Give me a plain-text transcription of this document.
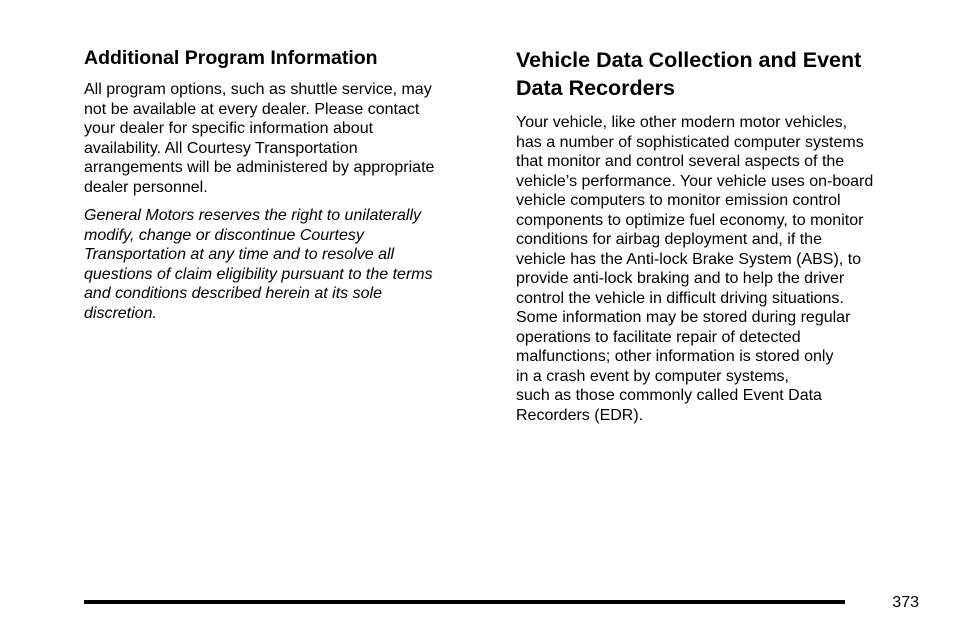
Additional Program Information

All program options, such as shuttle service, may
not be available at every dealer. Please contact
your dealer for specific information about
availability. All Courtesy Transportation
arrangements will be administered by appropriate
dealer personnel.

General Motors reserves the right to unilaterally
modify, change or discontinue Courtesy
Transportation at any time and to resolve all
questions of claim eligibility pursuant to the terms
and conditions described herein at its sole
discretion.

Vehicle Data Collection and Event
Data Recorders

Your vehicle, like other modern motor vehicles,
has a number of sophisticated computer systems
that monitor and control several aspects of the
vehicle’s performance. Your vehicle uses on-board
vehicle computers to monitor emission control
components to optimize fuel economy, to monitor
conditions for airbag deployment and, if the
vehicle has the Anti-lock Brake System (ABS), to
provide anti-lock braking and to help the driver
control the vehicle in difficult driving situations.
Some information may be stored during regular
operations to facilitate repair of detected
malfunctions; other information is stored only
in a crash event by computer systems,
such as those commonly called Event Data
Recorders (EDR).

373
